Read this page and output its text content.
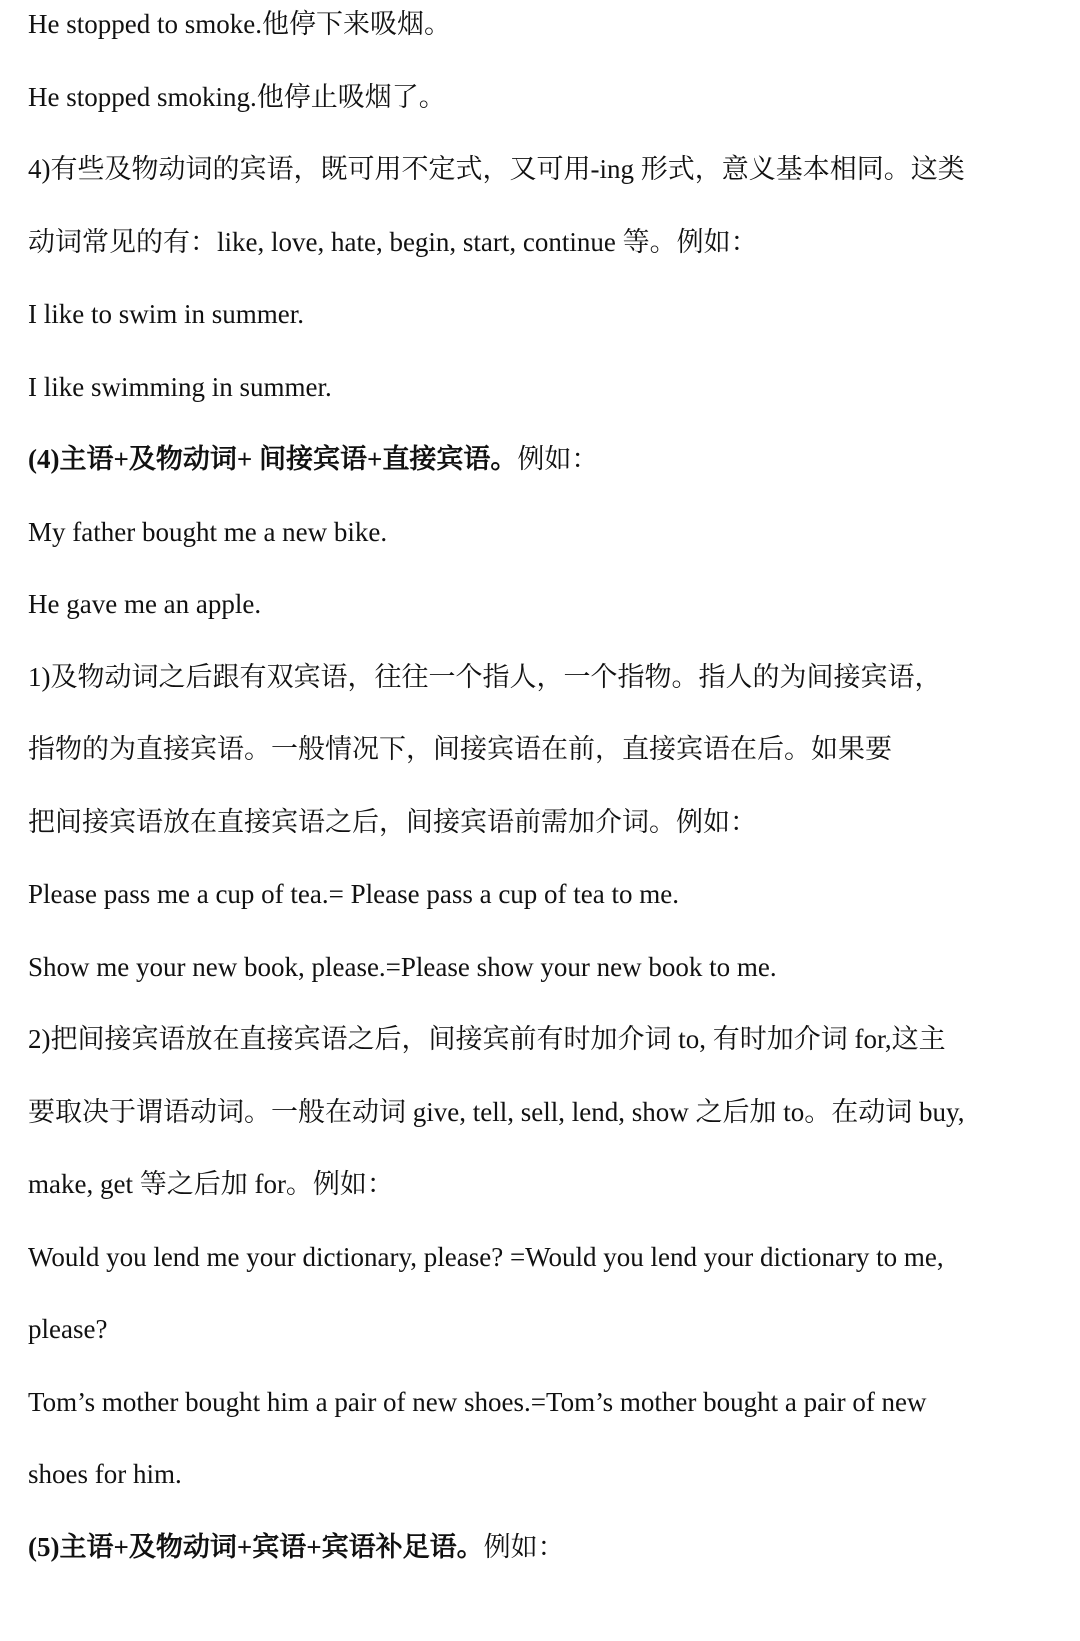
He stopped to smoke.他停下来吸烟。
He stopped smoking.他停止吸烟了。
4)有些及物动词的宾语，既可用不定式，又可用-ing 形式，意义基本相同。这类
动词常见的有：like, love, hate, begin, start, continue 等。例如：
I like to swim in summer.
I like swimming in summer.
(4)主语+及物动词+ 间接宾语+直接宾语。例如：
My father bought me a new bike.
He gave me an apple.
1)及物动词之后跟有双宾语，往往一个指人，一个指物。指人的为间接宾语，
指物的为直接宾语。一般情况下，间接宾语在前，直接宾语在后。如果要
把间接宾语放在直接宾语之后，间接宾语前需加介词。例如：
Please pass me a cup of tea.= Please pass a cup of tea to me.
Show me your new book, please.=Please show your new book to me.
2)把间接宾语放在直接宾语之后，间接宾前有时加介词 to, 有时加介词 for,这主
要取决于谓语动词。一般在动词 give, tell, sell, lend, show 之后加 to。在动词 buy,
make, get 等之后加 for。例如：
Would you lend me your dictionary, please? =Would you lend your dictionary to me,
please?
Tom’s mother bought him a pair of new shoes.=Tom’s mother bought a pair of new
shoes for him.
(5)主语+及物动词+宾语+宾语补足语。例如：
